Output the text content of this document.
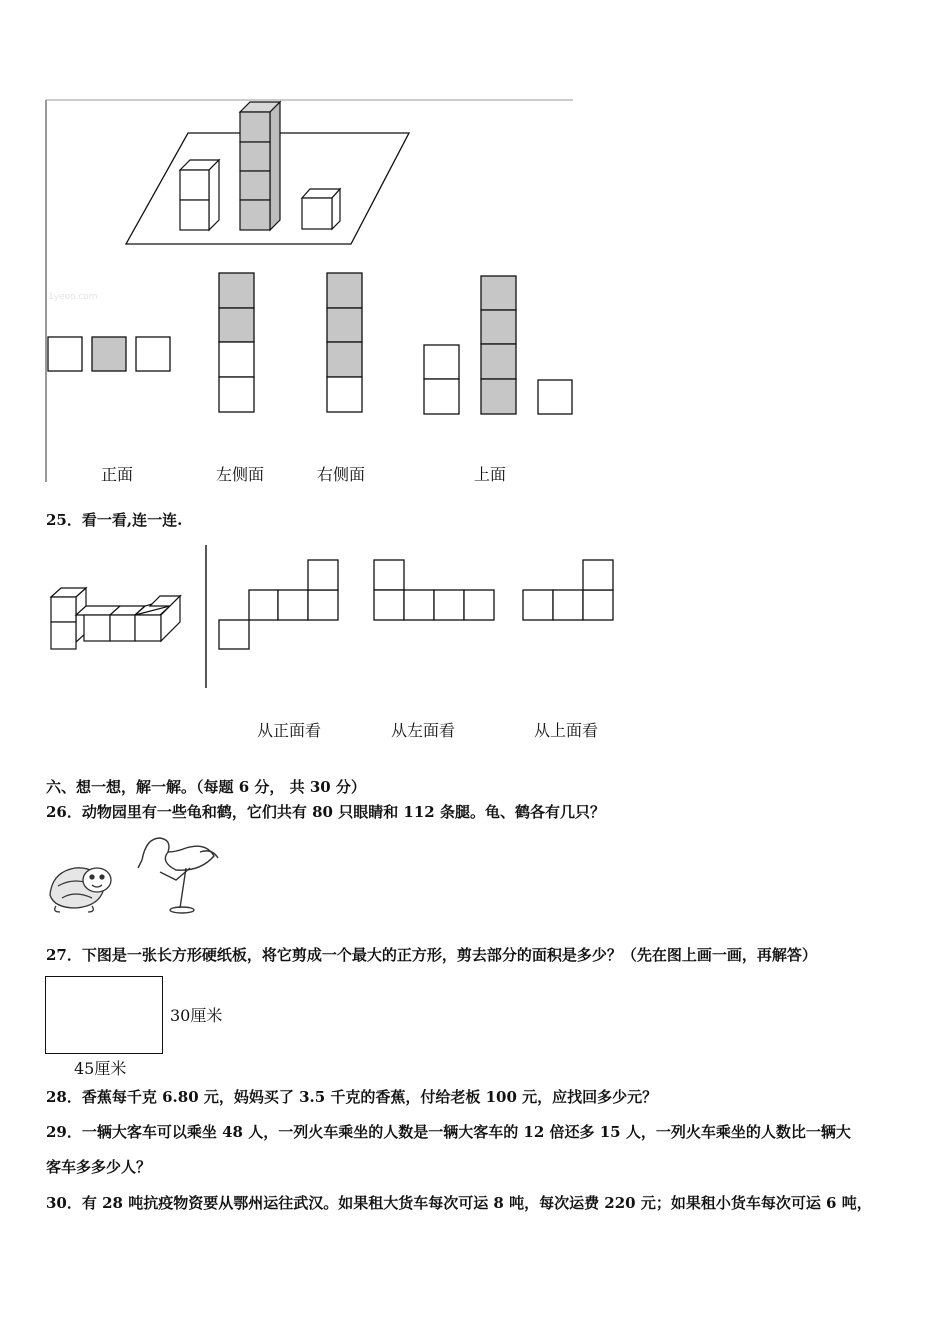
1yeoo.com
正面	左侧面	右侧面	上面
25．看一看,连一连.
从正面看	从左面看	从上面看
六、想一想，解一解。（每题 6 分， 共 30 分）
26．动物园里有一些龟和鹤，它们共有 80 只眼睛和 112 条腿。龟、鹤各有几只？
27．下图是一张长方形硬纸板，将它剪成一个最大的正方形，剪去部分的面积是多少？（先在图上画一画，再解答）
30厘米
45厘米
28．香蕉每千克 6.80 元，妈妈买了 3.5 千克的香蕉，付给老板 100 元，应找回多少元？
29．一辆大客车可以乘坐 48 人，一列火车乘坐的人数是一辆大客车的 12 倍还多 15 人，一列火车乘坐的人数比一辆大
客车多多少人？
30．有 28 吨抗疫物资要从鄂州运往武汉。如果租大货车每次可运 8 吨，每次运费 220 元；如果租小货车每次可运 6 吨，
